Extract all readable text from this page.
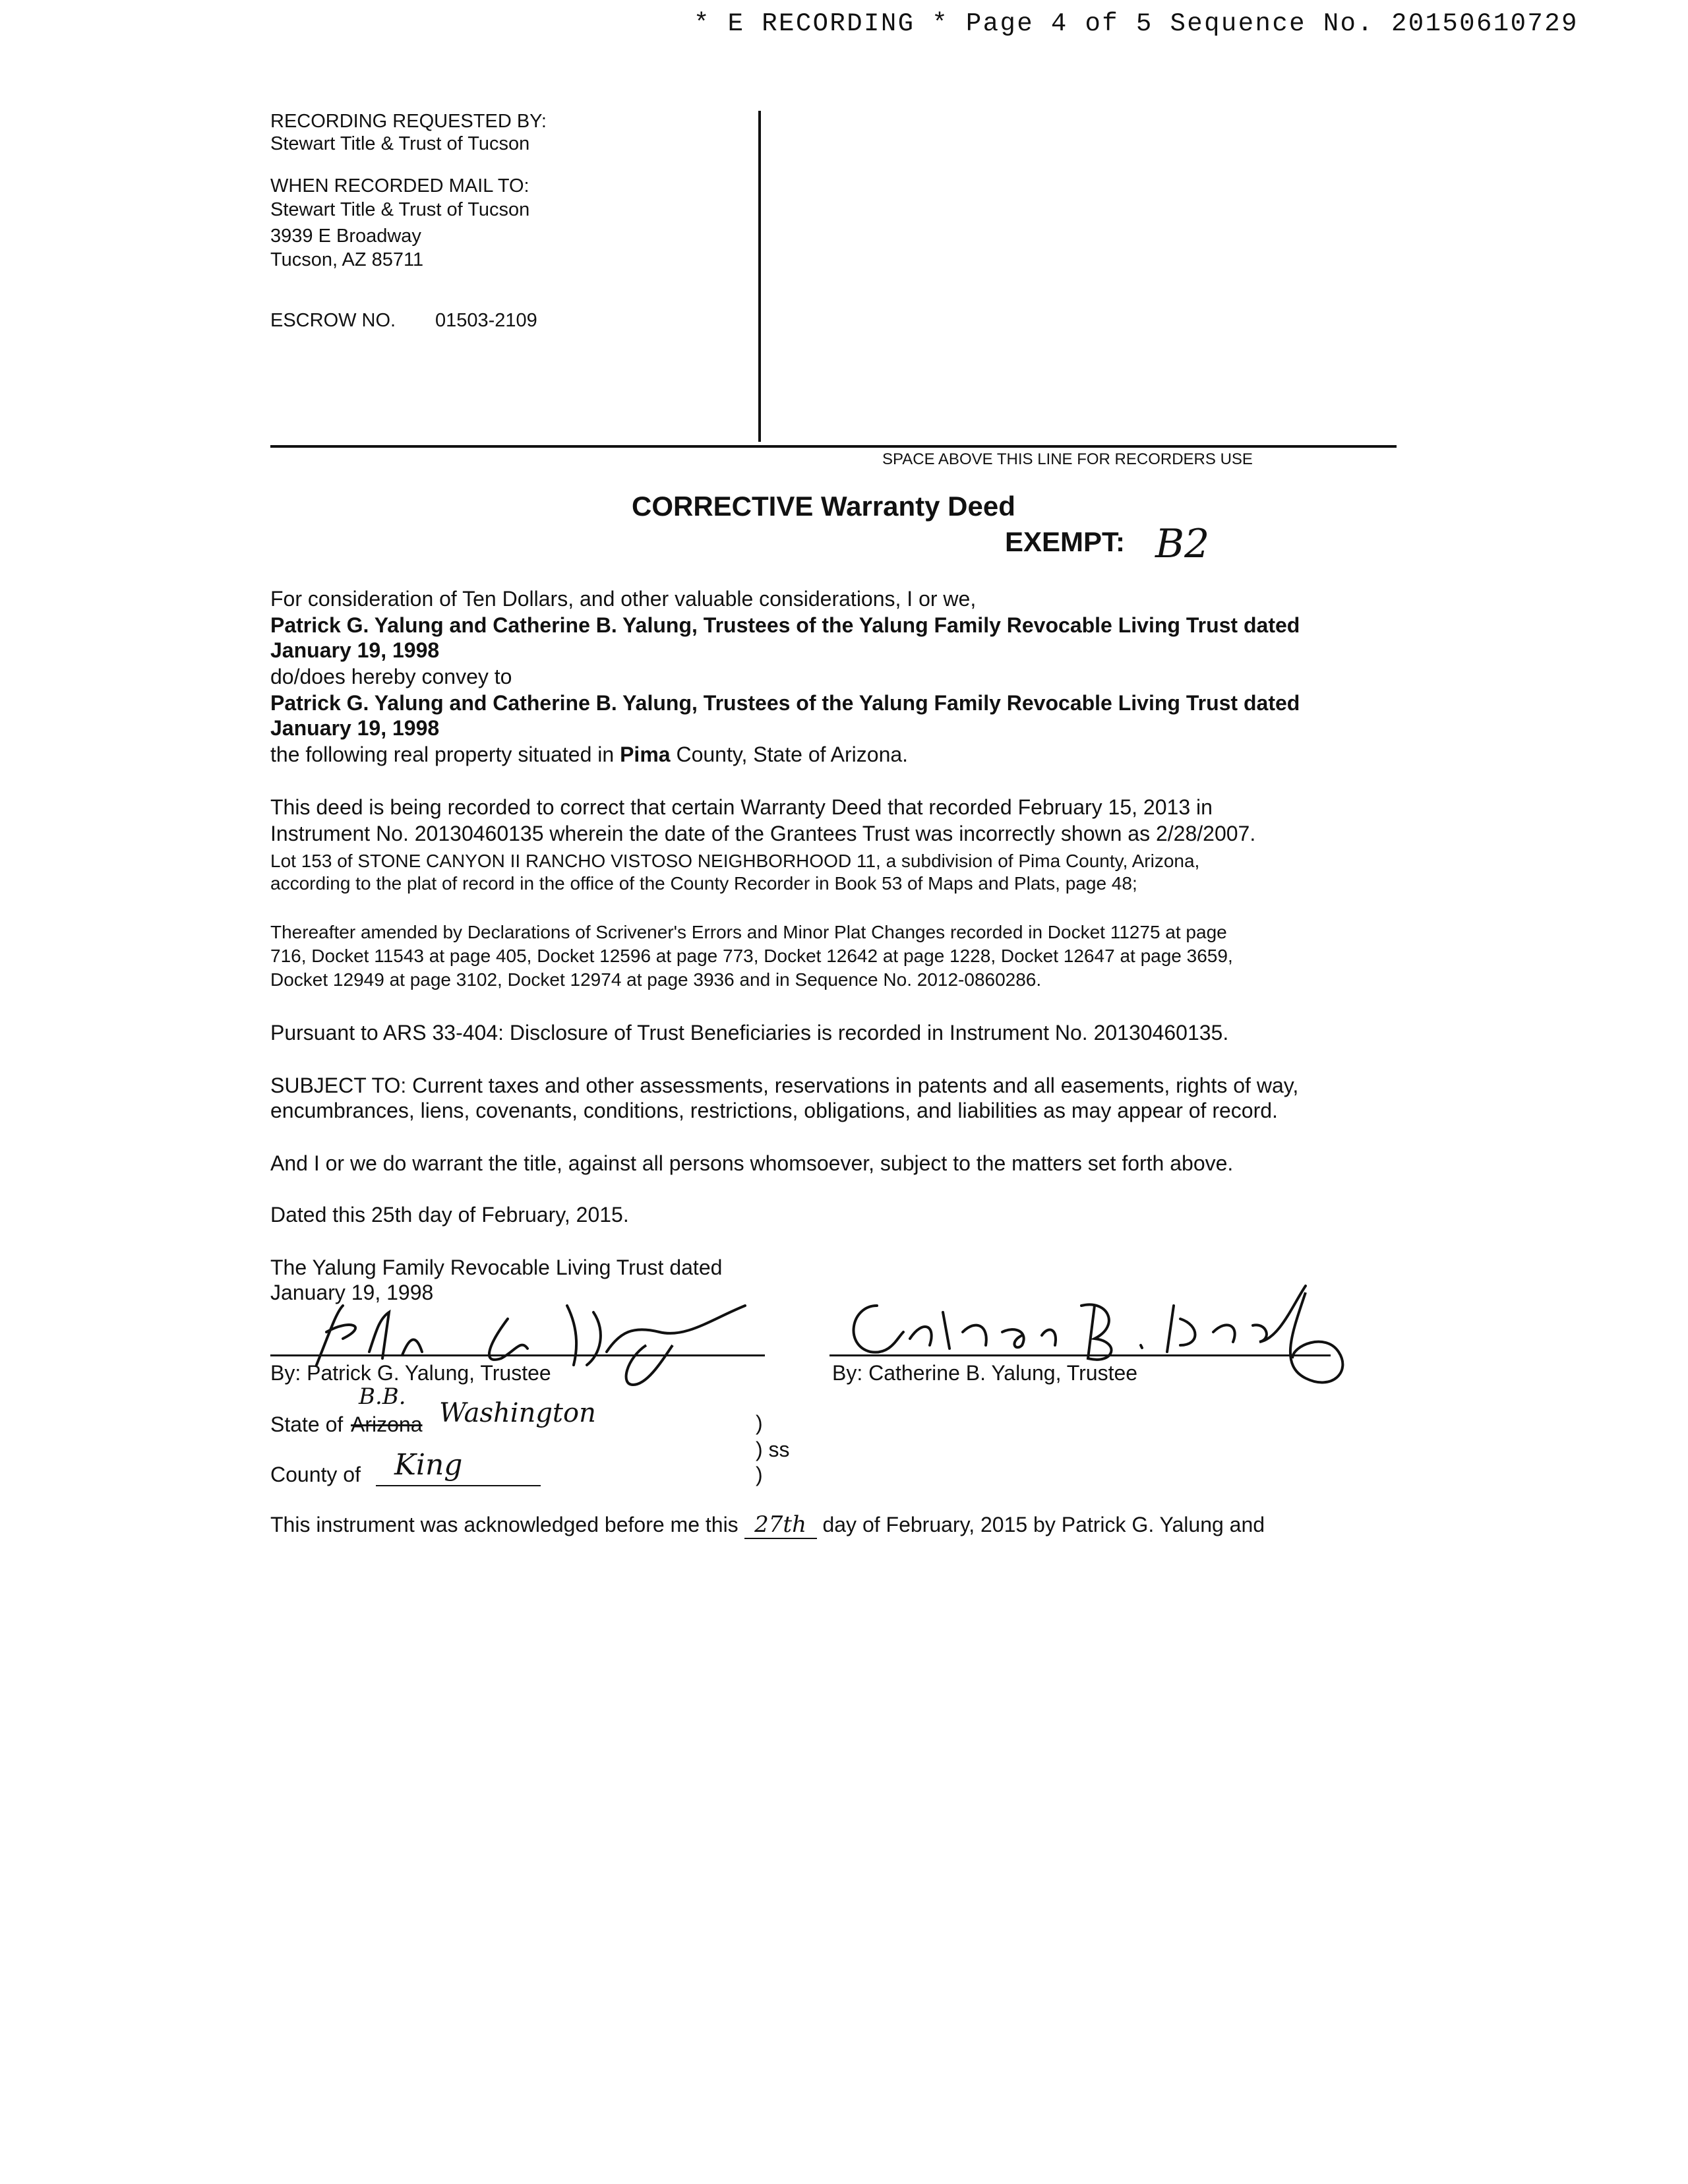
* E RECORDING * Page 4 of 5 Sequence No. 20150610729
RECORDING REQUESTED BY:
Stewart Title & Trust of Tucson
WHEN RECORDED MAIL TO:
Stewart Title & Trust of Tucson
3939 E Broadway
Tucson, AZ 85711
ESCROW NO. 01503-2109
SPACE ABOVE THIS LINE FOR RECORDERS USE
CORRECTIVE Warranty Deed
EXEMPT: B2
For consideration of Ten Dollars, and other valuable considerations, I or we,
Patrick G. Yalung and Catherine B. Yalung, Trustees of the Yalung Family Revocable Living Trust dated
January 19, 1998
do/does hereby convey to
Patrick G. Yalung and Catherine B. Yalung, Trustees of the Yalung Family Revocable Living Trust dated
January 19, 1998
the following real property situated in Pima County, State of Arizona.
This deed is being recorded to correct that certain Warranty Deed that recorded February 15, 2013 in
Instrument No. 20130460135 wherein the date of the Grantees Trust was incorrectly shown as 2/28/2007.
Lot 153 of STONE CANYON II RANCHO VISTOSO NEIGHBORHOOD 11, a subdivision of Pima County, Arizona,
according to the plat of record in the office of the County Recorder in Book 53 of Maps and Plats, page 48;
Thereafter amended by Declarations of Scrivener's Errors and Minor Plat Changes recorded in Docket 11275 at page
716, Docket 11543 at page 405, Docket 12596 at page 773, Docket 12642 at page 1228, Docket 12647 at page 3659,
Docket 12949 at page 3102, Docket 12974 at page 3936 and in Sequence No. 2012-0860286.
Pursuant to ARS 33-404: Disclosure of Trust Beneficiaries is recorded in Instrument No. 20130460135.
SUBJECT TO: Current taxes and other assessments, reservations in patents and all easements, rights of way,
encumbrances, liens, covenants, conditions, restrictions, obligations, and liabilities as may appear of record.
And I or we do warrant the title, against all persons whomsoever, subject to the matters set forth above.
Dated this 25th day of February, 2015.
The Yalung Family Revocable Living Trust dated
January 19, 1998
By: Patrick G. Yalung, Trustee	By: Catherine B. Yalung, Trustee
State of Arizona
B.B.
Washington	)
) ss
)
County of	King
This instrument was acknowledged before me this 27th day of February, 2015 by Patrick G. Yalung and
